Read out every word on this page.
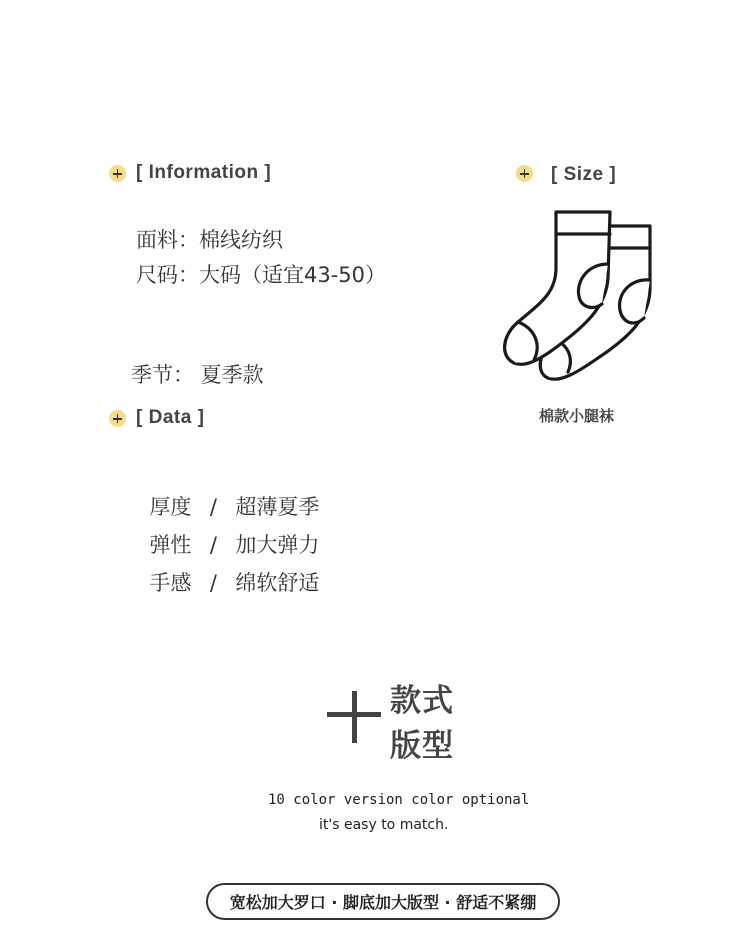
[ Information ]
面料：棉线纺织
尺码：大码（适宜43-50）
季节： 夏季款
[ Size ]
棉款小腿袜
[ Data ]

厚度 / 超薄夏季

弹性 / 加大弹力

手感 / 绵软舒适

款式
版型
10 color version color optional
it's easy to match.
宽松加大罗口 · 脚底加大版型 · 舒适不紧绷
